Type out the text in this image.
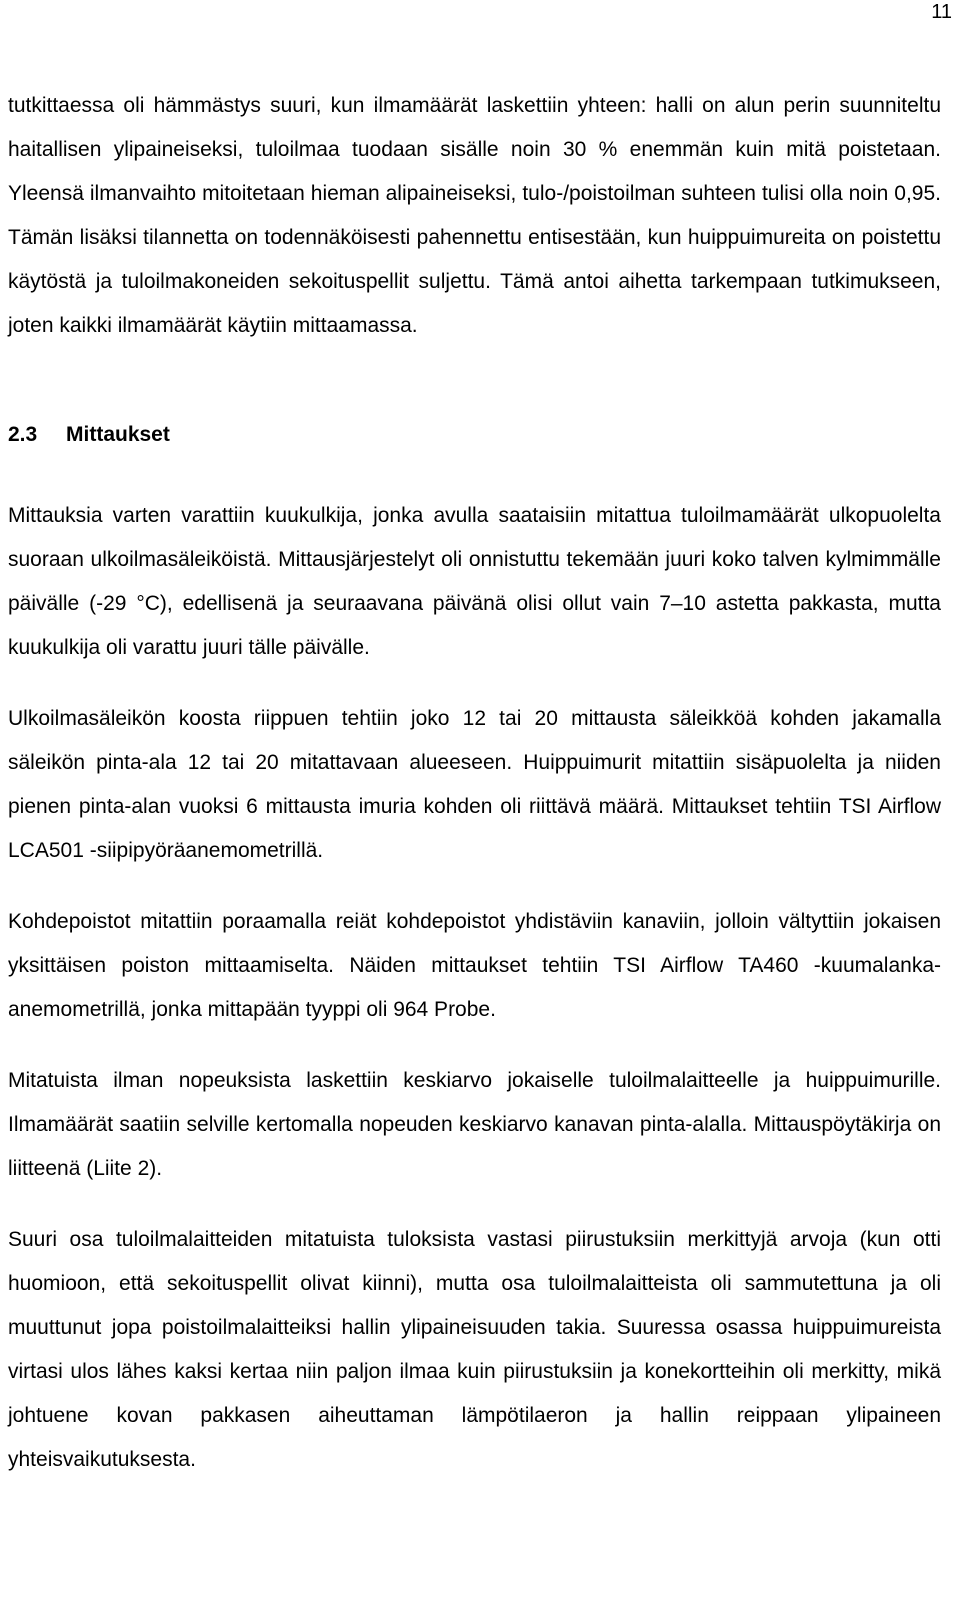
11

tutkittaessa oli hämmästys suuri, kun ilmamäärät laskettiin yhteen: halli on alun perin suunniteltu haitallisen ylipaineiseksi, tuloilmaa tuodaan sisälle noin 30 % enemmän kuin mitä poistetaan. Yleensä ilmanvaihto mitoitetaan hieman alipaineiseksi, tulo-/poistoilman suhteen tulisi olla noin 0,95. Tämän lisäksi tilannetta on todennäköisesti pahennettu entisestään, kun huippuimureita on poistettu käytöstä ja tuloilmakoneiden sekoituspellit suljettu. Tämä antoi aihetta tarkempaan tutkimukseen, joten kaikki ilmamäärät käytiin mittaamassa.

2.3 Mittaukset

Mittauksia varten varattiin kuukulkija, jonka avulla saataisiin mitattua tuloilmamäärät ulkopuolelta suoraan ulkoilmasäleiköistä. Mittausjärjestelyt oli onnistuttu tekemään juuri koko talven kylmimmälle päivälle (-29 °C), edellisenä ja seuraavana päivänä olisi ollut vain 7–10 astetta pakkasta, mutta kuukulkija oli varattu juuri tälle päivälle.

Ulkoilmasäleikön koosta riippuen tehtiin joko 12 tai 20 mittausta säleikköä kohden jakamalla säleikön pinta-ala 12 tai 20 mitattavaan alueeseen. Huippuimurit mitattiin sisäpuolelta ja niiden pienen pinta-alan vuoksi 6 mittausta imuria kohden oli riittävä määrä. Mittaukset tehtiin TSI Airflow LCA501 -siipipyöräanemometrillä.

Kohdepoistot mitattiin poraamalla reiät kohdepoistot yhdistäviin kanaviin, jolloin vältyttiin jokaisen yksittäisen poiston mittaamiselta. Näiden mittaukset tehtiin TSI Airflow TA460 -kuumalanka-anemometrillä, jonka mittapään tyyppi oli 964 Probe.

Mitatuista ilman nopeuksista laskettiin keskiarvo jokaiselle tuloilmalaitteelle ja huippuimurille. Ilmamäärät saatiin selville kertomalla nopeuden keskiarvo kanavan pinta-alalla. Mittauspöytäkirja on liitteenä (Liite 2).

Suuri osa tuloilmalaitteiden mitatuista tuloksista vastasi piirustuksiin merkittyjä arvoja (kun otti huomioon, että sekoituspellit olivat kiinni), mutta osa tuloilmalaitteista oli sammutettuna ja oli muuttunut jopa poistoilmalaitteiksi hallin ylipaineisuuden takia. Suuressa osassa huippuimureista virtasi ulos lähes kaksi kertaa niin paljon ilmaa kuin piirustuksiin ja konekortteihin oli merkitty, mikä johtuene kovan pakkasen aiheuttaman lämpötilaeron ja hallin reippaan ylipaineen yhteisvaikutuksesta.
